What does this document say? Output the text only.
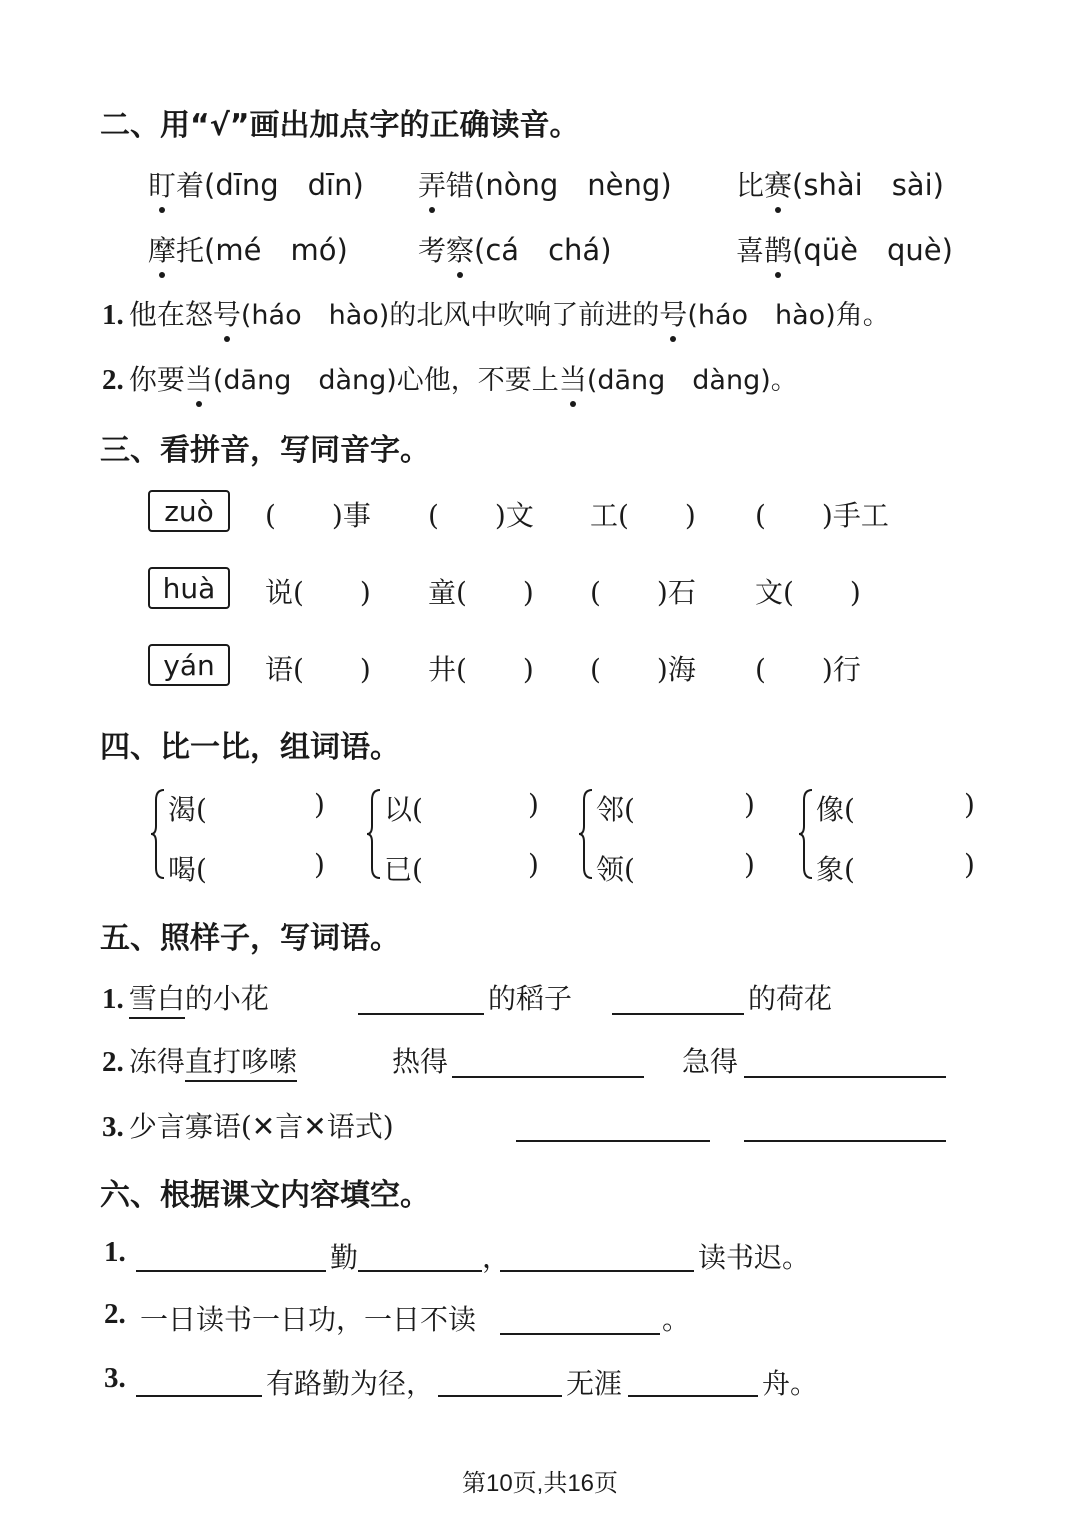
二、用“√”画出加点字的正确读音。
盯着(dīng　 dīn)	弄错(nòng　 nèng)	比赛(shài　 sài)
摩托(mé　 mó)	考察(cá　 chá)	喜鹊(qüè　 què)
1. 他在怒号(háo　hào)的北风中吹响了前进的号(háo　hào)角。
2. 你要当(dāng　dàng)心他，不要上当(dāng　dàng)。
三、看拼音，写同音字。
zuò	(　　)事 (　　)文 工(　　) (　　)手工
huà	说(　　) 童(　　) (　　)石 文(　　)
yán	语(　　) 井(　　) (　　)海 (　　)行
四、比一比，组词语。
渴(	)
喝(	)
以(	)
已(	)
邻(	)
领(	)
像(	)
象(	)
五、照样子，写词语。
1. 雪白的小花	的稻子	的荷花
2. 冻得直打哆嗦	热得	急得
3. 少言寡语(✕言✕语式)
六、根据课文内容填空。
1.	勤	，	读书迟。
2. 一日读书一日功，一日不读	。
3.	有路勤为径，	无涯	舟。
第10页,共16页
